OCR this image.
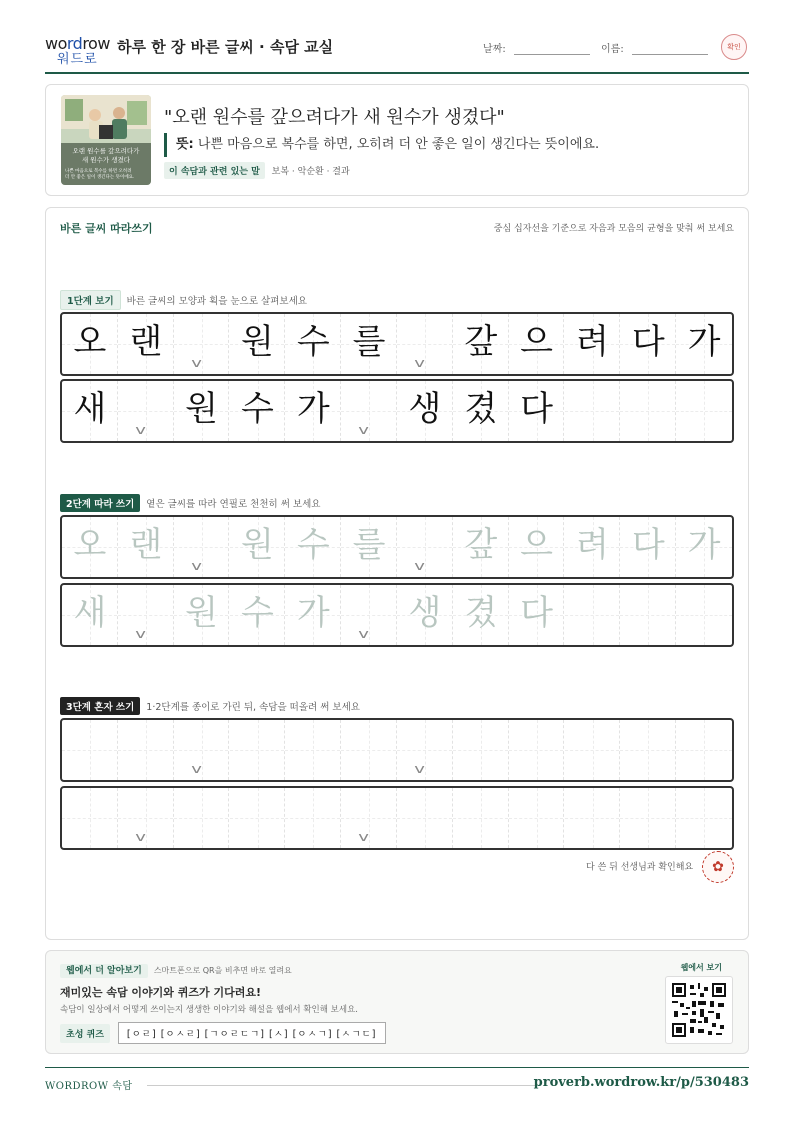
wordrow
워드로
하루 한 장 바른 글씨 · 속담 교실	날짜:	이름:	확인
오랜 원수를 갚으려다가
새 원수가 생겼다
나쁜 마음으로 복수를 하면 오히려
더 안 좋은 일이 생긴다는 뜻이에요.
"오랜 원수를 갚으려다가 새 원수가 생겼다"
뜻: 나쁜 마음으로 복수를 하면, 오히려 더 안 좋은 일이 생긴다는 뜻이에요.
이 속담과 관련 있는 말 보복 · 악순환 · 결과
바른 글씨 따라쓰기	중심 십자선을 기준으로 자음과 모음의 균형을 맞춰 써 보세요
1단계 보기 바른 글씨의 모양과 획을 눈으로 살펴보세요
오 랜
v
원 수 를
v
갚 으 려 다 가
새
v
원 수 가
v
생 겼 다
2단계 따라 쓰기 옅은 글씨를 따라 연필로 천천히 써 보세요
오 랜
v
원 수 를
v
갚 으 려 다 가
새
v
원 수 가
v
생 겼 다
3단계 혼자 쓰기 1·2단계를 종이로 가린 뒤, 속담을 떠올려 써 보세요
v	v
v	v
다 쓴 뒤 선생님과 확인해요 ✿
웹에서 더 알아보기 스마트폰으로 QR을 비추면 바로 열려요
재미있는 속담 이야기와 퀴즈가 기다려요!
속담이 일상에서 어떻게 쓰이는지 생생한 이야기와 해설을 웹에서 확인해 보세요.
초성 퀴즈 [ㅇㄹ] [ㅇㅅㄹ] [ㄱㅇㄹㄷㄱ] [ㅅ] [ㅇㅅㄱ] [ㅅㄱㄷ]
웹에서 보기
WORDROW 속담	proverb.wordrow.kr/p/530483
